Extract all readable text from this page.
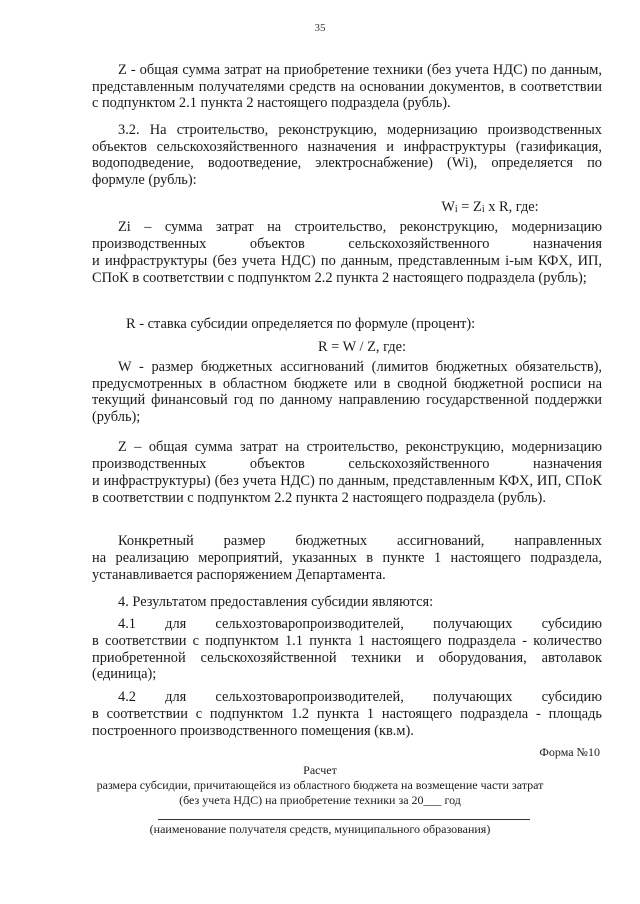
35

Z - общая сумма затрат на приобретение техники (без учета НДС) по данным, представленным получателями средств на основании документов, в соответствии с подпунктом 2.1 пункта 2 настоящего подраздела (рубль).

3.2. На строительство, реконструкцию, модернизацию производственных объектов сельскохозяйственного назначения и инфраструктуры (газификация, водоподведение, водоотведение, электроснабжение) (Wi), определяется по формуле (рубль):

Wi = Zi x R, где:

Zi – сумма затрат на строительство, реконструкцию, модернизацию

производственных объектов сельскохозяйственного назначения

и инфраструктуры (без учета НДС) по данным, представленным i-ым КФХ, ИП, СПоК в соответствии с подпунктом 2.2 пункта 2 настоящего подраздела (рубль);

R - ставка субсидии определяется по формуле (процент):

R = W / Z, где:

W - размер бюджетных ассигнований (лимитов бюджетных обязательств), предусмотренных в областном бюджете или в сводной бюджетной росписи на текущий финансовый год по данному направлению государственной поддержки (рубль);

Z – общая сумма затрат на строительство, реконструкцию, модернизацию

производственных объектов сельскохозяйственного назначения

и инфраструктуры) (без учета НДС) по данным, представленным КФХ, ИП, СПоК в соответствии с подпунктом 2.2 пункта 2 настоящего подраздела (рубль).

Конкретный размер бюджетных ассигнований, направленных

на реализацию мероприятий, указанных в пункте 1 настоящего подраздела, устанавливается распоряжением Департамента.

4. Результатом предоставления субсидии являются:

4.1 для сельхозтоваропроизводителей, получающих субсидию

в соответствии с подпунктом 1.1 пункта 1 настоящего подраздела - количество приобретенной сельскохозяйственной техники и оборудования, автолавок (единица);

4.2 для сельхозтоваропроизводителей, получающих субсидию

в соответствии с подпунктом 1.2 пункта 1 настоящего подраздела - площадь построенного производственного помещения (кв.м).

Форма №10

Расчет

размера субсидии, причитающейся из областного бюджета на возмещение части затрат

(без учета НДС) на приобретение техники за 20___ год

(наименование получателя средств, муниципального образования)
